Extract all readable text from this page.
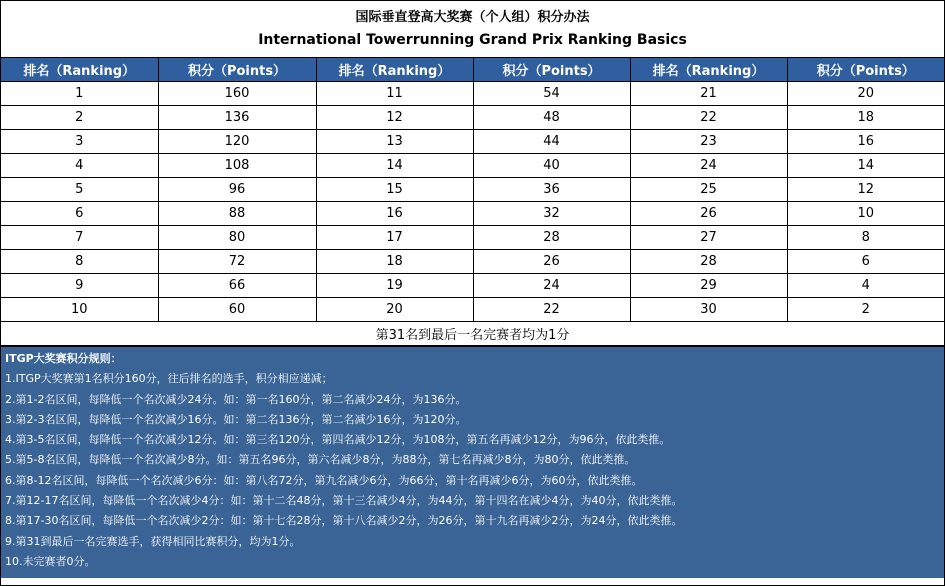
国际垂直登高大奖赛（个人组）积分办法
International Towerrunning Grand Prix Ranking Basics
排名（Ranking）	积分（Points）	排名（Ranking）	积分（Points）	排名（Ranking）	积分（Points）
1	160	11	54	21	20
2	136	12	48	22	18
3	120	13	44	23	16
4	108	14	40	24	14
5	96	15	36	25	12
6	88	16	32	26	10
7	80	17	28	27	8
8	72	18	26	28	6
9	66	19	24	29	4
10	60	20	22	30	2
第31名到最后一名完赛者均为1分					
ITGP大奖赛积分规则：
1.ITGP大奖赛第1名积分160分，往后排名的选手，积分相应递减；
2.第1-2名区间，每降低一个名次减少24分。如：第一名160分，第二名减少24分，为136分。
3.第2-3名区间，每降低一个名次减少16分。如：第二名136分，第二名减少16分，为120分。
4.第3-5名区间，每降低一个名次减少12分。如：第三名120分，第四名减少12分，为108分，第五名再减少12分，为96分，依此类推。
5.第5-8名区间，每降低一个名次减少8分。如：第五名96分，第六名减少8分，为88分，第七名再减少8分，为80分，依此类推。
6.第8-12名区间，每降低一个名次减少6分：如：第八名72分，第九名减少6分，为66分，第十名再减少6分，为60分，依此类推。
7.第12-17名区间，每降低一个名次减少4分：如：第十二名48分，第十三名减少4分，为44分，第十四名在减少4分，为40分，依此类推。
8.第17-30名区间，每降低一个名次减少2分：如：第十七名28分，第十八名减少2分，为26分，第十九名再减少2分，为24分，依此类推。
9.第31到最后一名完赛选手，获得相同比赛积分，均为1分。
10.未完赛者0分。
